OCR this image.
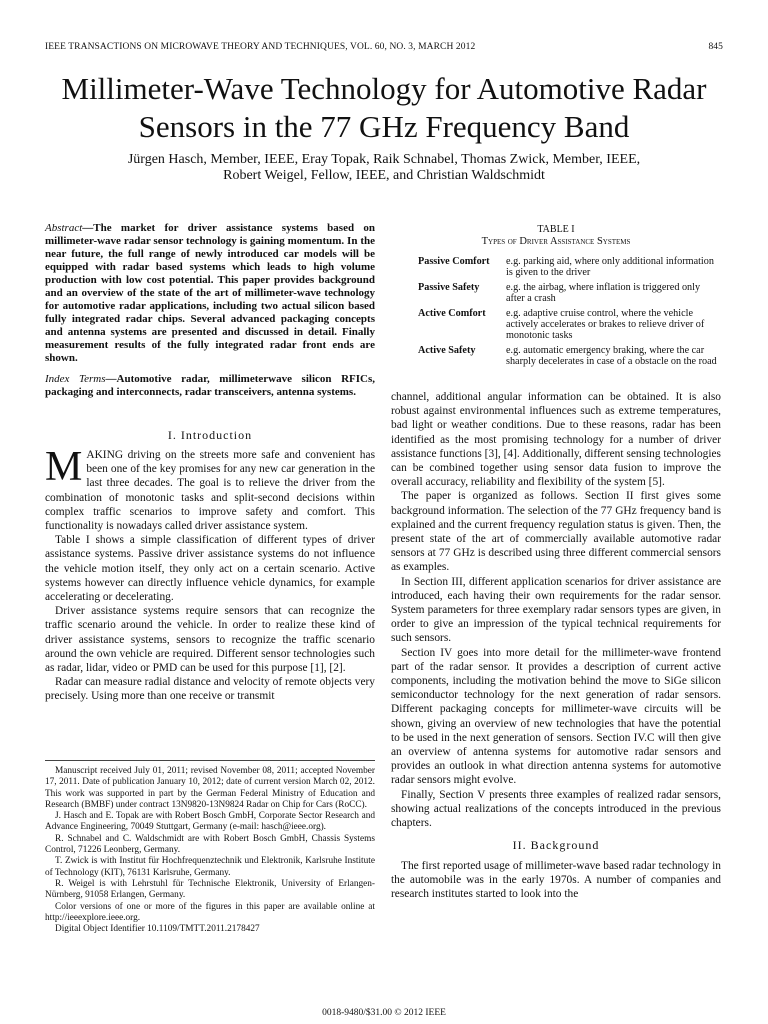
IEEE TRANSACTIONS ON MICROWAVE THEORY AND TECHNIQUES, VOL. 60, NO. 3, MARCH 2012	845
Millimeter-Wave Technology for Automotive Radar
Sensors in the 77 GHz Frequency Band
Jürgen Hasch, Member, IEEE, Eray Topak, Raik Schnabel, Thomas Zwick, Member, IEEE,
Robert Weigel, Fellow, IEEE, and Christian Waldschmidt
Abstract—The market for driver assistance systems based on millimeter-wave radar sensor technology is gaining momentum. In the near future, the full range of newly introduced car models will be equipped with radar based systems which leads to high volume production with low cost potential. This paper provides background and an overview of the state of the art of millimeter-wave technology for automotive radar applications, including two actual silicon based fully integrated radar chips. Several advanced packaging concepts and antenna systems are presented and discussed in detail. Finally measurement results of the fully integrated radar front ends are shown.
Index Terms—Automotive radar, millimeterwave silicon RFICs, packaging and interconnects, radar transceivers, antenna systems.
I. Introduction

MAKING driving on the streets more safe and convenient has been one of the key promises for any new car generation in the last three decades. The goal is to relieve the driver from the combination of monotonic tasks and split-second decisions within complex traffic scenarios to improve safety and comfort. This functionality is nowadays called driver assistance system.

Table I shows a simple classification of different types of driver assistance systems. Passive driver assistance systems do not influence the vehicle motion itself, they only act on a certain scenario. Active systems however can directly influence vehicle dynamics, for example accelerating or decelerating.

Driver assistance systems require sensors that can recognize the traffic scenario around the vehicle. In order to realize these kind of driver assistance systems, sensors to recognize the traffic scenario around the own vehicle are required. Different sensor technologies such as radar, lidar, video or PMD can be used for this purpose [1], [2].

Radar can measure radial distance and velocity of remote objects very precisely. Using more than one receive or transmit

TABLE I
Types of Driver Assistance Systems
Passive Comfort	e.g. parking aid, where only additional information is given to the driver
Passive Safety	e.g. the airbag, where inflation is triggered only after a crash
Active Comfort	e.g. adaptive cruise control, where the vehicle actively accelerates or brakes to relieve driver of monotonic tasks
Active Safety	e.g. automatic emergency braking, where the car sharply decelerates in case of a obstacle on the road

channel, additional angular information can be obtained. It is also robust against environmental influences such as extreme temperatures, bad light or weather conditions. Due to these reasons, radar has been identified as the most promising technology for a number of driver assistance functions [3], [4]. Additionally, different sensing technologies can be combined together using sensor data fusion to improve the overall accuracy, reliability and flexibility of the system [5].

The paper is organized as follows. Section II first gives some background information. The selection of the 77 GHz frequency band is explained and the current frequency regulation status is given. Then, the present state of the art of commercially available automotive radar sensors at 77 GHz is described using three different commercial sensors as examples.

In Section III, different application scenarios for driver assistance are introduced, each having their own requirements for the radar sensor. System parameters for three exemplary radar sensors types are given, in order to give an impression of the typical technical requirements for such sensors.

Section IV goes into more detail for the millimeter-wave frontend part of the radar sensor. It provides a description of current active components, including the motivation behind the move to SiGe silicon semiconductor technology for the next generation of radar sensors. Different packaging concepts for millimeter-wave circuits will be shown, giving an overview of new technologies that have the potential to be used in the next generation of sensors. Section IV.C will then give an overview of antenna systems for automotive radar sensors and provides an outlook in what direction antenna systems for automotive radar sensors might evolve.

Finally, Section V presents three examples of realized radar sensors, showing actual realizations of the concepts introduced in the previous chapters.

II. Background

The first reported usage of millimeter-wave based radar technology in the automobile was in the early 1970s. A number of companies and research institutes started to look into the

Manuscript received July 01, 2011; revised November 08, 2011; accepted November 17, 2011. Date of publication January 10, 2012; date of current version March 02, 2012. This work was supported in part by the German Federal Ministry of Education and Research (BMBF) under contract 13N9820-13N9824 Radar on Chip for Cars (RoCC).

J. Hasch and E. Topak are with Robert Bosch GmbH, Corporate Sector Research and Advance Engineering, 70049 Stuttgart, Germany (e-mail: hasch@ieee.org).

R. Schnabel and C. Waldschmidt are with Robert Bosch GmbH, Chassis Systems Control, 71226 Leonberg, Germany.

T. Zwick is with Institut für Hochfrequenztechnik und Elektronik, Karlsruhe Institute of Technology (KIT), 76131 Karlsruhe, Germany.

R. Weigel is with Lehrstuhl für Technische Elektronik, University of Erlangen-Nürnberg, 91058 Erlangen, Germany.

Color versions of one or more of the figures in this paper are available online at http://ieeexplore.ieee.org.

Digital Object Identifier 10.1109/TMTT.2011.2178427

0018-9480/$31.00 © 2012 IEEE
